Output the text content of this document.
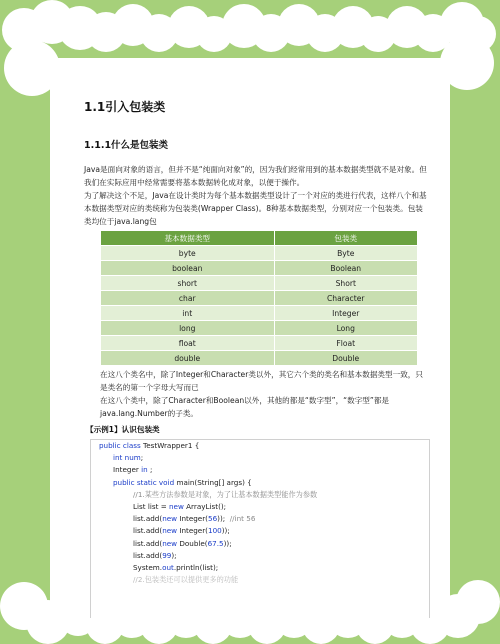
1.1引入包装类
1.1.1什么是包装类
Java是面向对象的语言，但并不是“纯面向对象”的，因为我们经常用到的基本数据类型就不是对象。但我们在实际应用中经常需要将基本数据转化成对象，以便于操作。
为了解决这个不足，Java在设计类时为每个基本数据类型设计了一个对应的类进行代表，这样八个和基本数据类型对应的类统称为包装类(Wrapper Class)。8种基本数据类型，分别对应一个包装类。包装类均位于java.lang包
基本数据类型	包装类
byte	Byte
boolean	Boolean
short	Short
char	Character
int	Integer
long	Long
float	Float
double	Double
在这八个类名中，除了Integer和Character类以外，其它六个类的类名和基本数据类型一致，只是类名的第一个字母大写而已
在这八个类中，除了Character和Boolean以外，其他的都是“数字型”，“数字型”都是java.lang.Number的子类。
【示例1】认识包装类
public class TestWrapper1 {
int num;
Integer in ;
public static void main(String[] args) {
//1.某些方法参数是对象，为了让基本数据类型能作为参数
List list = new ArrayList();
list.add(new Integer(56));  //int 56
list.add(new Integer(100));
list.add(new Double(67.5));
list.add(99);
System.out.println(list);
//2.包装类还可以提供更多的功能
